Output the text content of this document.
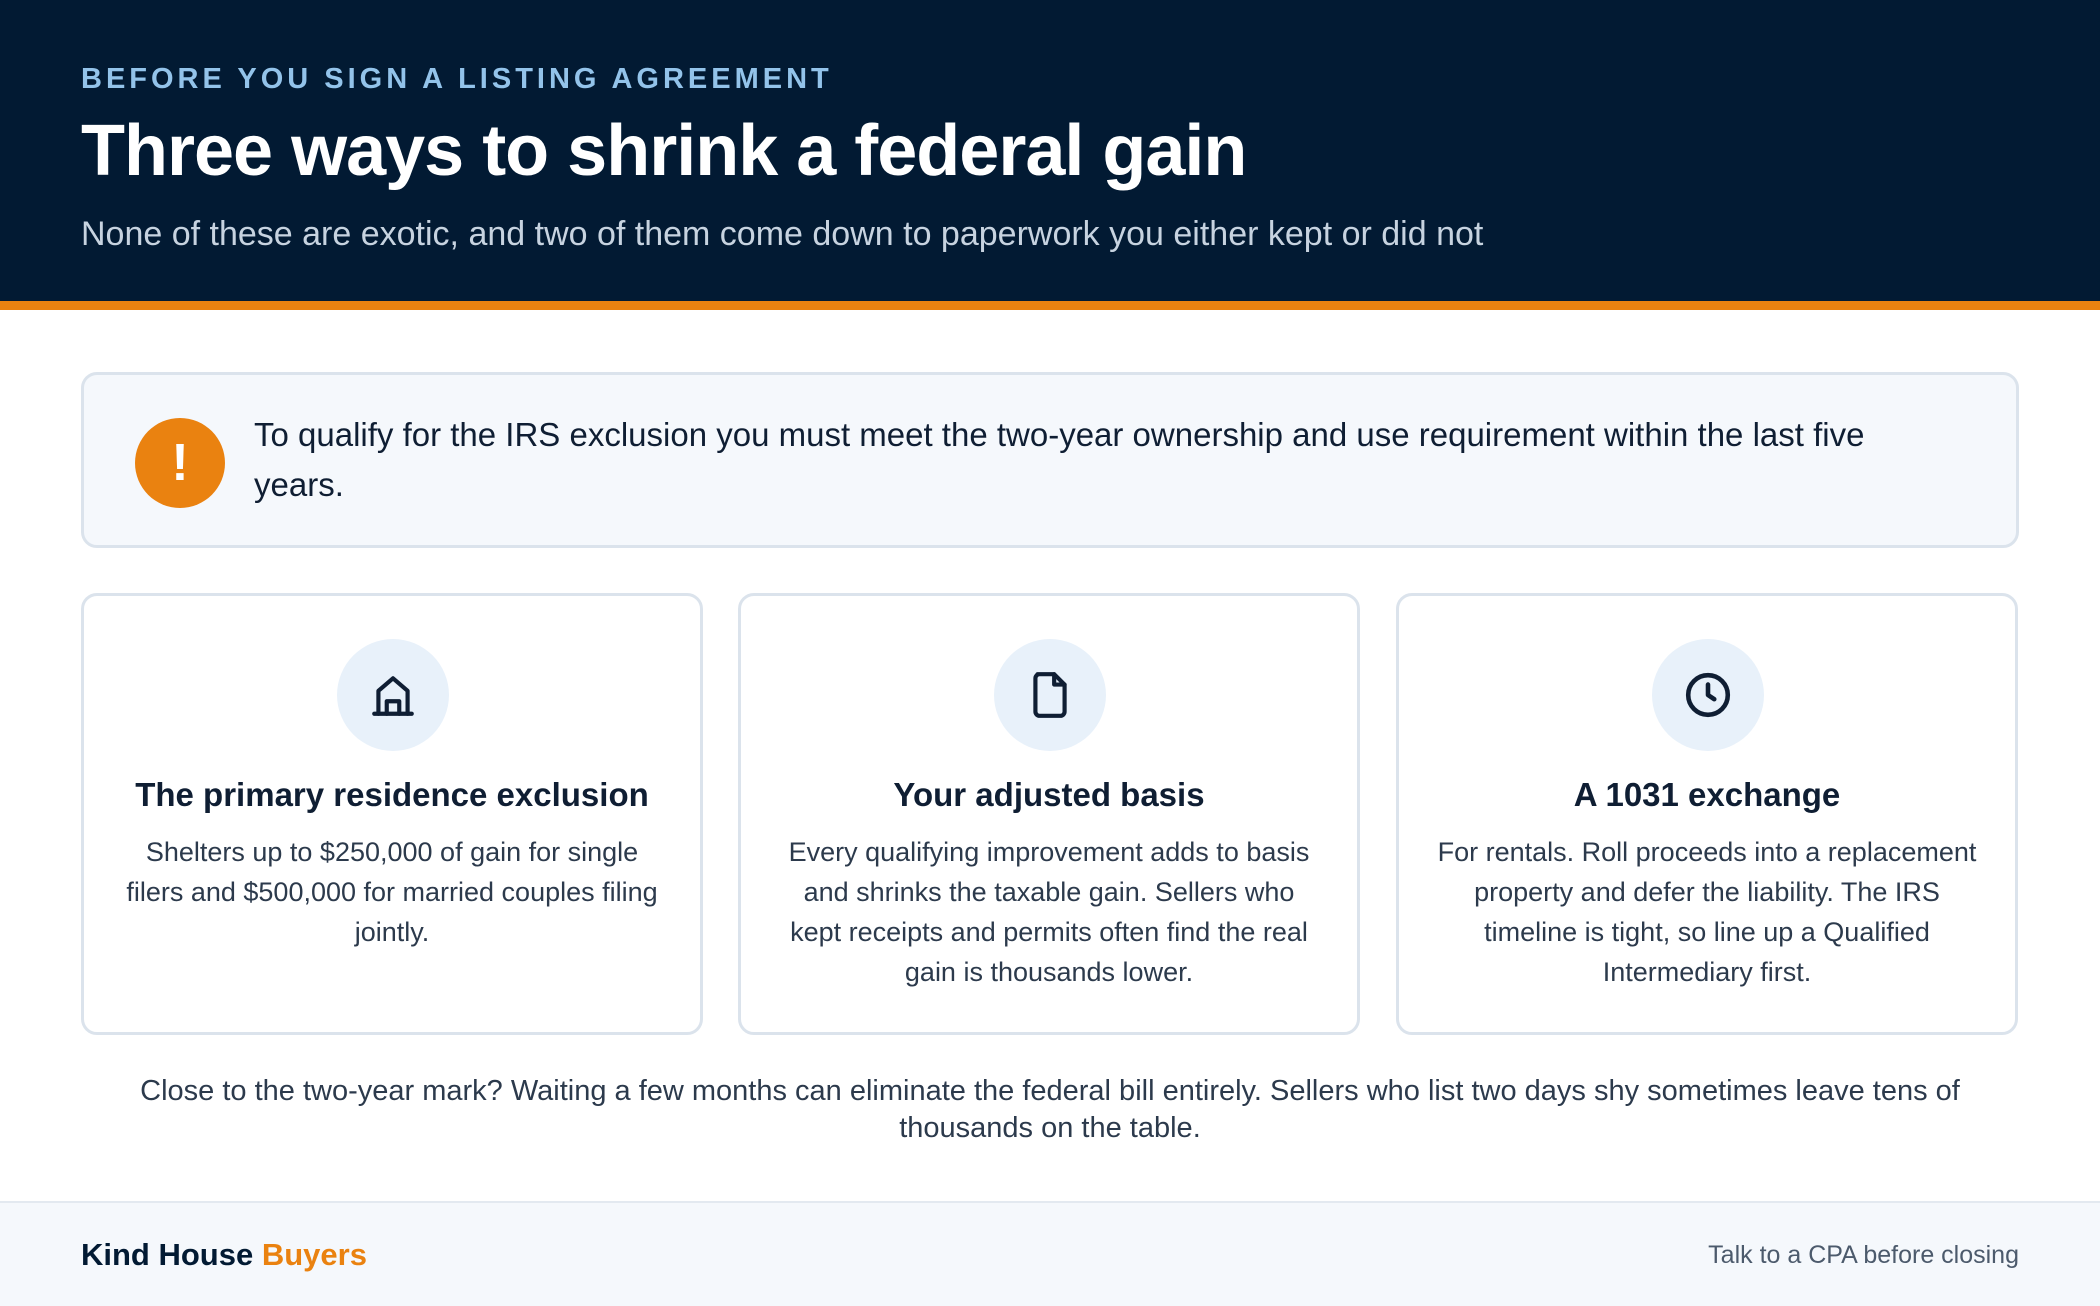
BEFORE YOU SIGN A LISTING AGREEMENT
Three ways to shrink a federal gain
None of these are exotic, and two of them come down to paperwork you either kept or did not
!	To qualify for the IRS exclusion you must meet the two-year ownership and use requirement within the last five years.
The primary residence exclusion
Shelters up to $250,000 of gain for single filers and $500,000 for married couples filing jointly.
Your adjusted basis
Every qualifying improvement adds to basis and shrinks the taxable gain. Sellers who kept receipts and permits often find the real gain is thousands lower.
A 1031 exchange
For rentals. Roll proceeds into a replacement property and defer the liability. The IRS timeline is tight, so line up a Qualified Intermediary first.

Close to the two-year mark? Waiting a few months can eliminate the federal bill entirely. Sellers who list two days shy sometimes leave tens of thousands on the table.

Kind House Buyers	Talk to a CPA before closing
